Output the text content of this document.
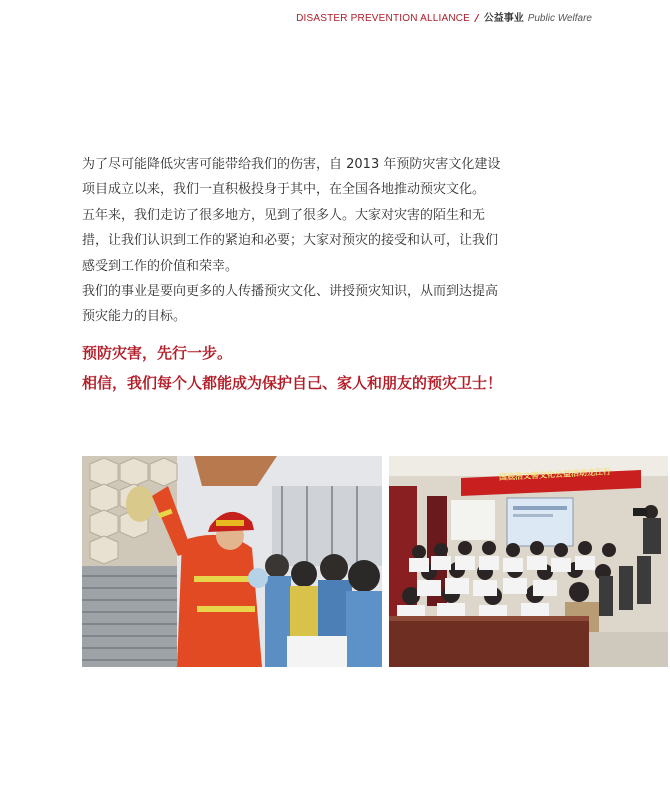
DISASTER PREVENTION ALLIANCE / 公益事业 Public Welfare

为了尽可能降低灾害可能带给我们的伤害，自 2013 年预防灾害文化建设项目成立以来，我们一直积极投身于其中，在全国各地推动预灾文化。

五年来，我们走访了很多地方，见到了很多人。大家对灾害的陌生和无措，让我们认识到工作的紧迫和必要；大家对预灾的接受和认可，让我们感受到工作的价值和荣幸。

我们的事业是要向更多的人传播预灾文化、讲授预灾知识，从而到达提高预灾能力的目标。

预防灾害，先行一步。

相信，我们每个人都能成为保护自己、家人和朋友的预灾卫士！

国底浩文害文化公益活动龙江行
